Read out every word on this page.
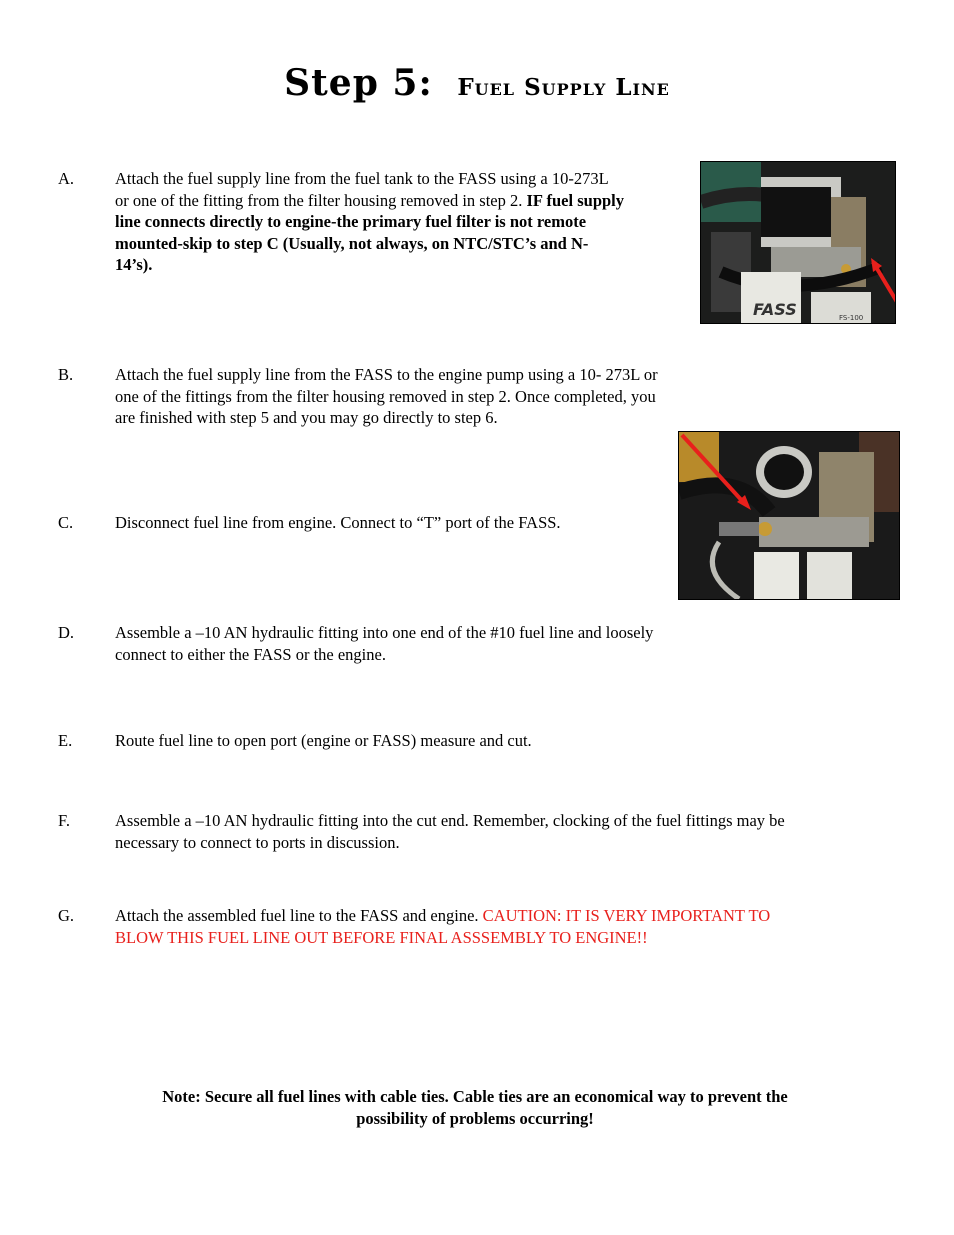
Step 5: Fuel Supply Line
A. Attach the fuel supply line from the fuel tank to the FASS using a 10-273L
or one of the fitting from the filter housing removed in step 2. IF fuel supply
line connects directly to engine-the primary fuel filter is not remote
mounted-skip to step C (Usually, not always, on NTC/STC’s and N-
14’s).
FASS	FS-100
B.	Attach the fuel supply line from the FASS to the engine pump using a 10- 273L or
one of the fittings from the filter housing removed in step 2. Once completed, you
are finished with step 5 and you may go directly to step 6.
C.	Disconnect fuel line from engine. Connect to “T” port of the FASS.
D. Assemble a –10 AN hydraulic fitting into one end of the #10 fuel line and loosely
connect to either the FASS or the engine.
E.	Route fuel line to open port (engine or FASS) measure and cut.
F.	Assemble a –10 AN hydraulic fitting into the cut end. Remember, clocking of the fuel fittings may be
necessary to connect to ports in discussion.
G. Attach the assembled fuel line to the FASS and engine. CAUTION: IT IS VERY IMPORTANT TO
BLOW THIS FUEL LINE OUT BEFORE FINAL ASSSEMBLY TO ENGINE!!
Note: Secure all fuel lines with cable ties. Cable ties are an economical way to prevent the
possibility of problems occurring!
